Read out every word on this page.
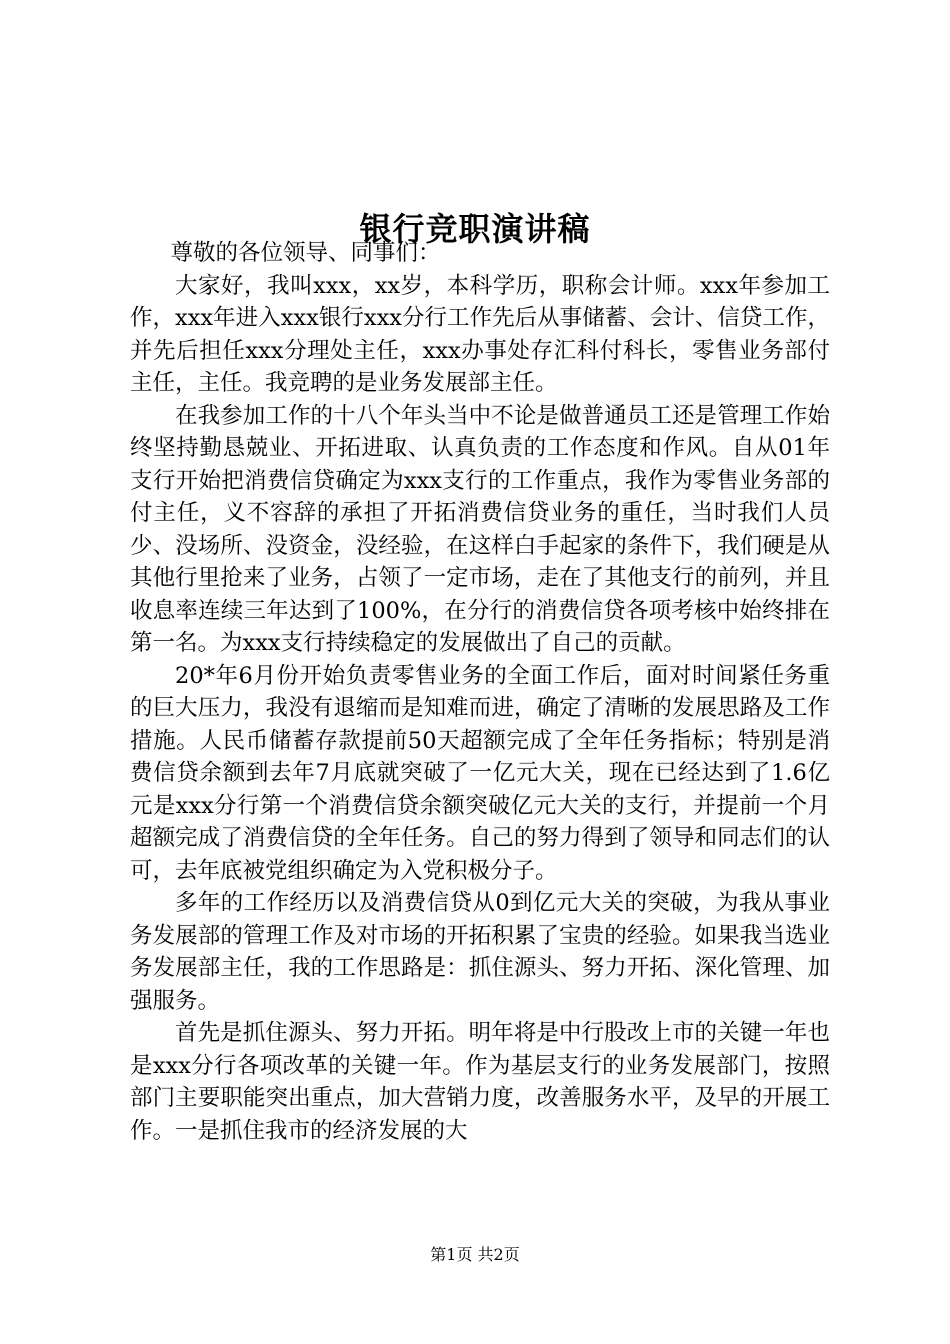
银行竞职演讲稿

尊敬的各位领导、同事们：

大家好，我叫xxx，xx岁，本科学历，职称会计师。xxx年参加工作，xxx年进入xxx银行xxx分行工作先后从事储蓄、会计、信贷工作，并先后担任xxx分理处主任，xxx办事处存汇科付科长，零售业务部付主任，主任。我竞聘的是业务发展部主任。

在我参加工作的十八个年头当中不论是做普通员工还是管理工作始终坚持勤恳兢业、开拓进取、认真负责的工作态度和作风。自从01年支行开始把消费信贷确定为xxx支行的工作重点，我作为零售业务部的付主任，义不容辞的承担了开拓消费信贷业务的重任，当时我们人员少、没场所、没资金，没经验，在这样白手起家的条件下，我们硬是从其他行里抢来了业务，占领了一定市场，走在了其他支行的前列，并且收息率连续三年达到了100%，在分行的消费信贷各项考核中始终排在第一名。为xxx支行持续稳定的发展做出了自己的贡献。

20*年6月份开始负责零售业务的全面工作后，面对时间紧任务重的巨大压力，我没有退缩而是知难而进，确定了清晰的发展思路及工作措施。人民币储蓄存款提前50天超额完成了全年任务指标；特别是消费信贷余额到去年7月底就突破了一亿元大关，现在已经达到了1.6亿元是xxx分行第一个消费信贷余额突破亿元大关的支行，并提前一个月超额完成了消费信贷的全年任务。自己的努力得到了领导和同志们的认可，去年底被党组织确定为入党积极分子。

多年的工作经历以及消费信贷从0到亿元大关的突破，为我从事业务发展部的管理工作及对市场的开拓积累了宝贵的经验。如果我当选业务发展部主任，我的工作思路是：抓住源头、努力开拓、深化管理、加强服务。

首先是抓住源头、努力开拓。明年将是中行股改上市的关键一年也是xxx分行各项改革的关键一年。作为基层支行的业务发展部门，按照部门主要职能突出重点，加大营销力度，改善服务水平，及早的开展工作。一是抓住我市的经济发展的大

第1页 共2页
